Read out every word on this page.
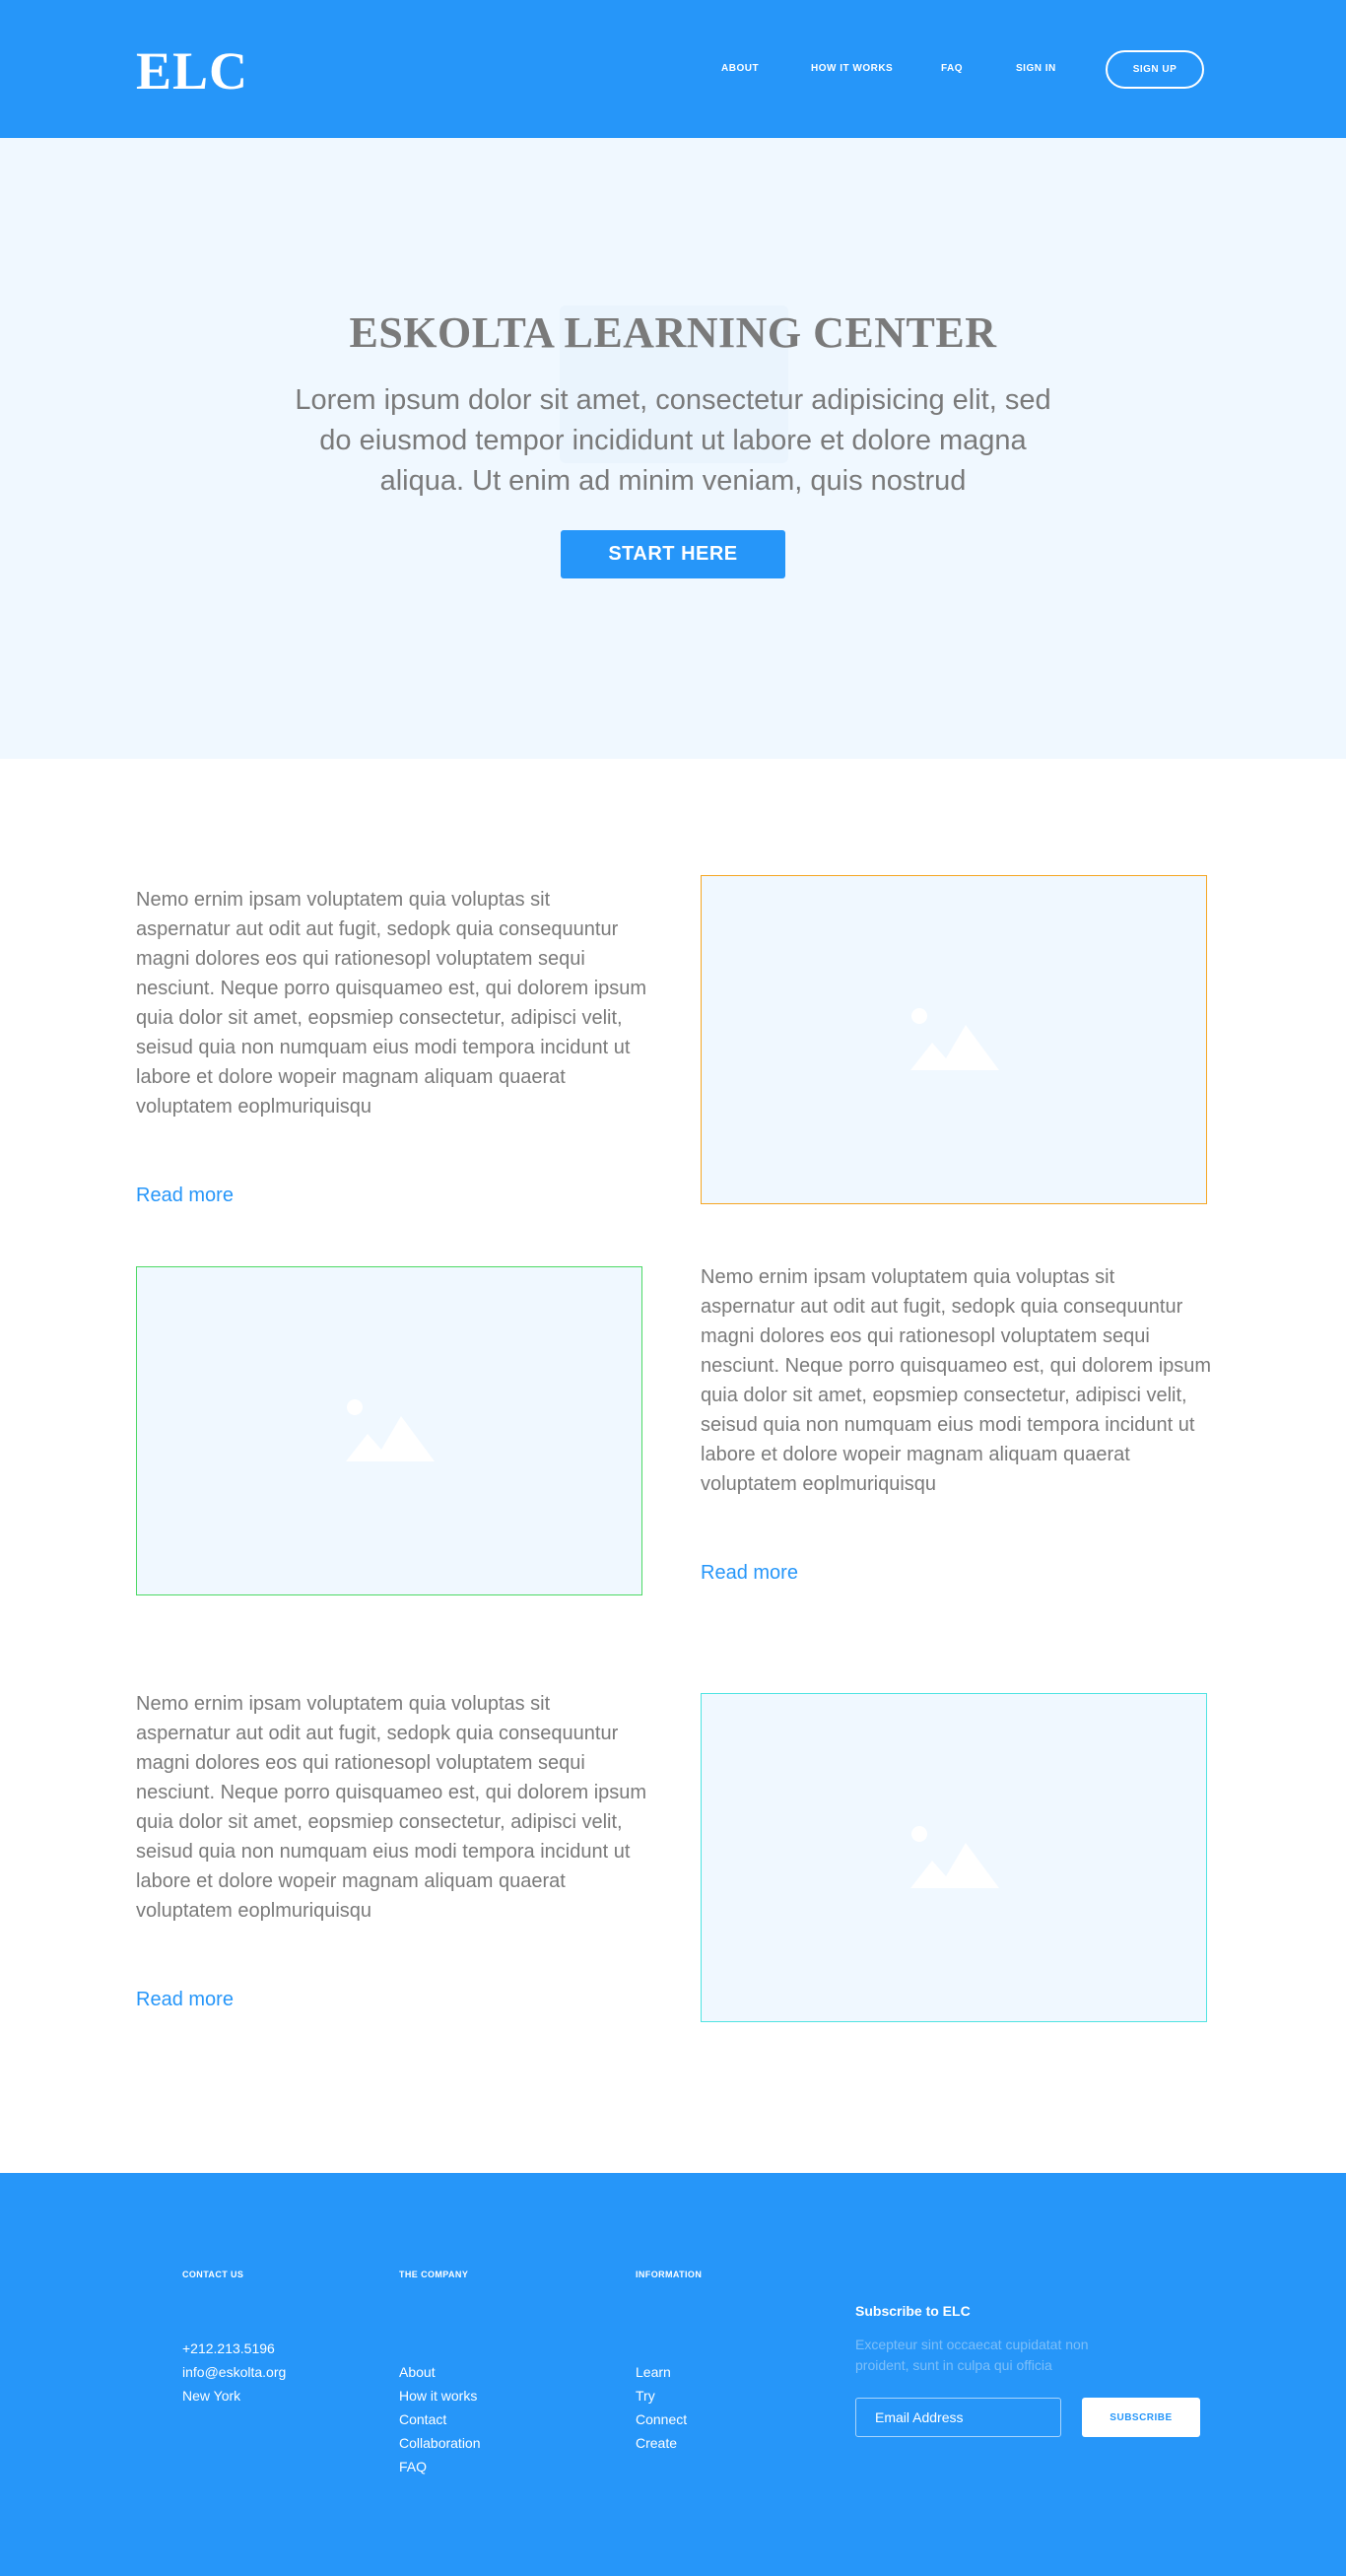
ELC	ABOUT	HOW IT WORKS	FAQ	SIGN IN	SIGN UP
ESKOLTA LEARNING CENTER

Lorem ipsum dolor sit amet, consectetur adipisicing elit, sed do eiusmod tempor incididunt ut labore et dolore magna aliqua. Ut enim ad minim veniam, quis nostrud

START HERE

Nemo ernim ipsam voluptatem quia voluptas sit aspernatur aut odit aut fugit, sedopk quia consequuntur magni dolores eos qui rationesopl voluptatem sequi nesciunt. Neque porro quisquameo est, qui dolorem ipsum quia dolor sit amet, eopsmiep consectetur, adipisci velit, seisud quia non numquam eius modi tempora incidunt ut labore et dolore wopeir magnam aliquam quaerat voluptatem eoplmuriquisqu

Read more

Nemo ernim ipsam voluptatem quia voluptas sit aspernatur aut odit aut fugit, sedopk quia consequuntur magni dolores eos qui rationesopl voluptatem sequi nesciunt. Neque porro quisquameo est, qui dolorem ipsum quia dolor sit amet, eopsmiep consectetur, adipisci velit, seisud quia non numquam eius modi tempora incidunt ut labore et dolore wopeir magnam aliquam quaerat voluptatem eoplmuriquisqu

Read more

Nemo ernim ipsam voluptatem quia voluptas sit aspernatur aut odit aut fugit, sedopk quia consequuntur magni dolores eos qui rationesopl voluptatem sequi nesciunt. Neque porro quisquameo est, qui dolorem ipsum quia dolor sit amet, eopsmiep consectetur, adipisci velit, seisud quia non numquam eius modi tempora incidunt ut labore et dolore wopeir magnam aliquam quaerat voluptatem eoplmuriquisqu

Read more
CONTACT US
+212.213.5196
info@eskolta.org
New York
THE COMPANY
About
How it works
Contact
Collaboration
FAQ
INFORMATION
Learn
Try
Connect
Create
Subscribe to ELC

Excepteur sint occaecat cupidatat non proident, sunt in culpa qui officia

Email Address
SUBSCRIBE
